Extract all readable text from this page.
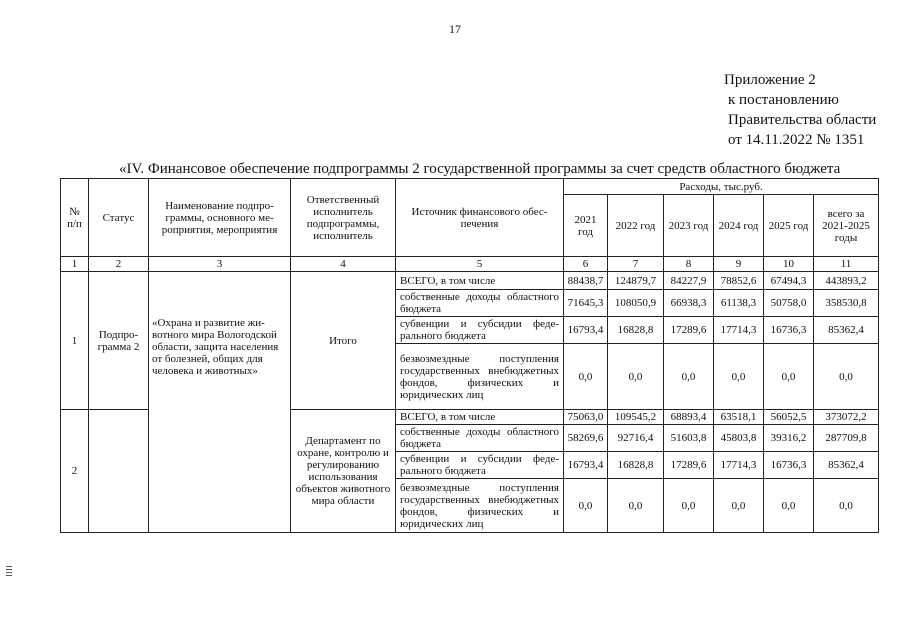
17
Приложение 2
к постановлению
Правительства области
от 14.11.2022 № 1351
«IV. Финансовое обеспечение подпрограммы 2 государственной программы за счет средств областного бюджета
№ п/п	Статус	Наименование подпрограммы, основного мероприятия, мероприятия	Ответственный исполнитель подпрограммы, исполнитель	Источник финансового обеспечения	Расходы, тыс.руб.					
					2021 год	2022 год	2023 год	2024 год	2025 год	всего за 2021-2025 годы
1	2	3	4	5	6	7	8	9	10	11
1	Подпрограмма 2	«Охрана и развитие животного мира Вологодской области, защита населения от болезней, общих для человека и животных»	Итого	ВСЕГО, в том числе	88438,7	124879,7	84227,9	78852,6	67494,3	443893,2
				собственные доходы областного бюджета	71645,3	108050,9	66938,3	61138,3	50758,0	358530,8
				субвенции и субсидии федерального бюджета	16793,4	16828,8	17289,6	17714,3	16736,3	85362,4
				безвозмездные поступления государственных внебюджетных фондов, физических и юридических лиц	0,0	0,0	0,0	0,0	0,0	0,0
2			Департамент по охране, контролю и регулированию использования объектов животного мира области	ВСЕГО, в том числе	75063,0	109545,2	68893,4	63518,1	56052,5	373072,2
				собственные доходы областного бюджета	58269,6	92716,4	51603,8	45803,8	39316,2	287709,8
				субвенции и субсидии федерального бюджета	16793,4	16828,8	17289,6	17714,3	16736,3	85362,4
				безвозмездные поступления государственных внебюджетных фондов, физических и юридических лиц	0,0	0,0	0,0	0,0	0,0	0,0
